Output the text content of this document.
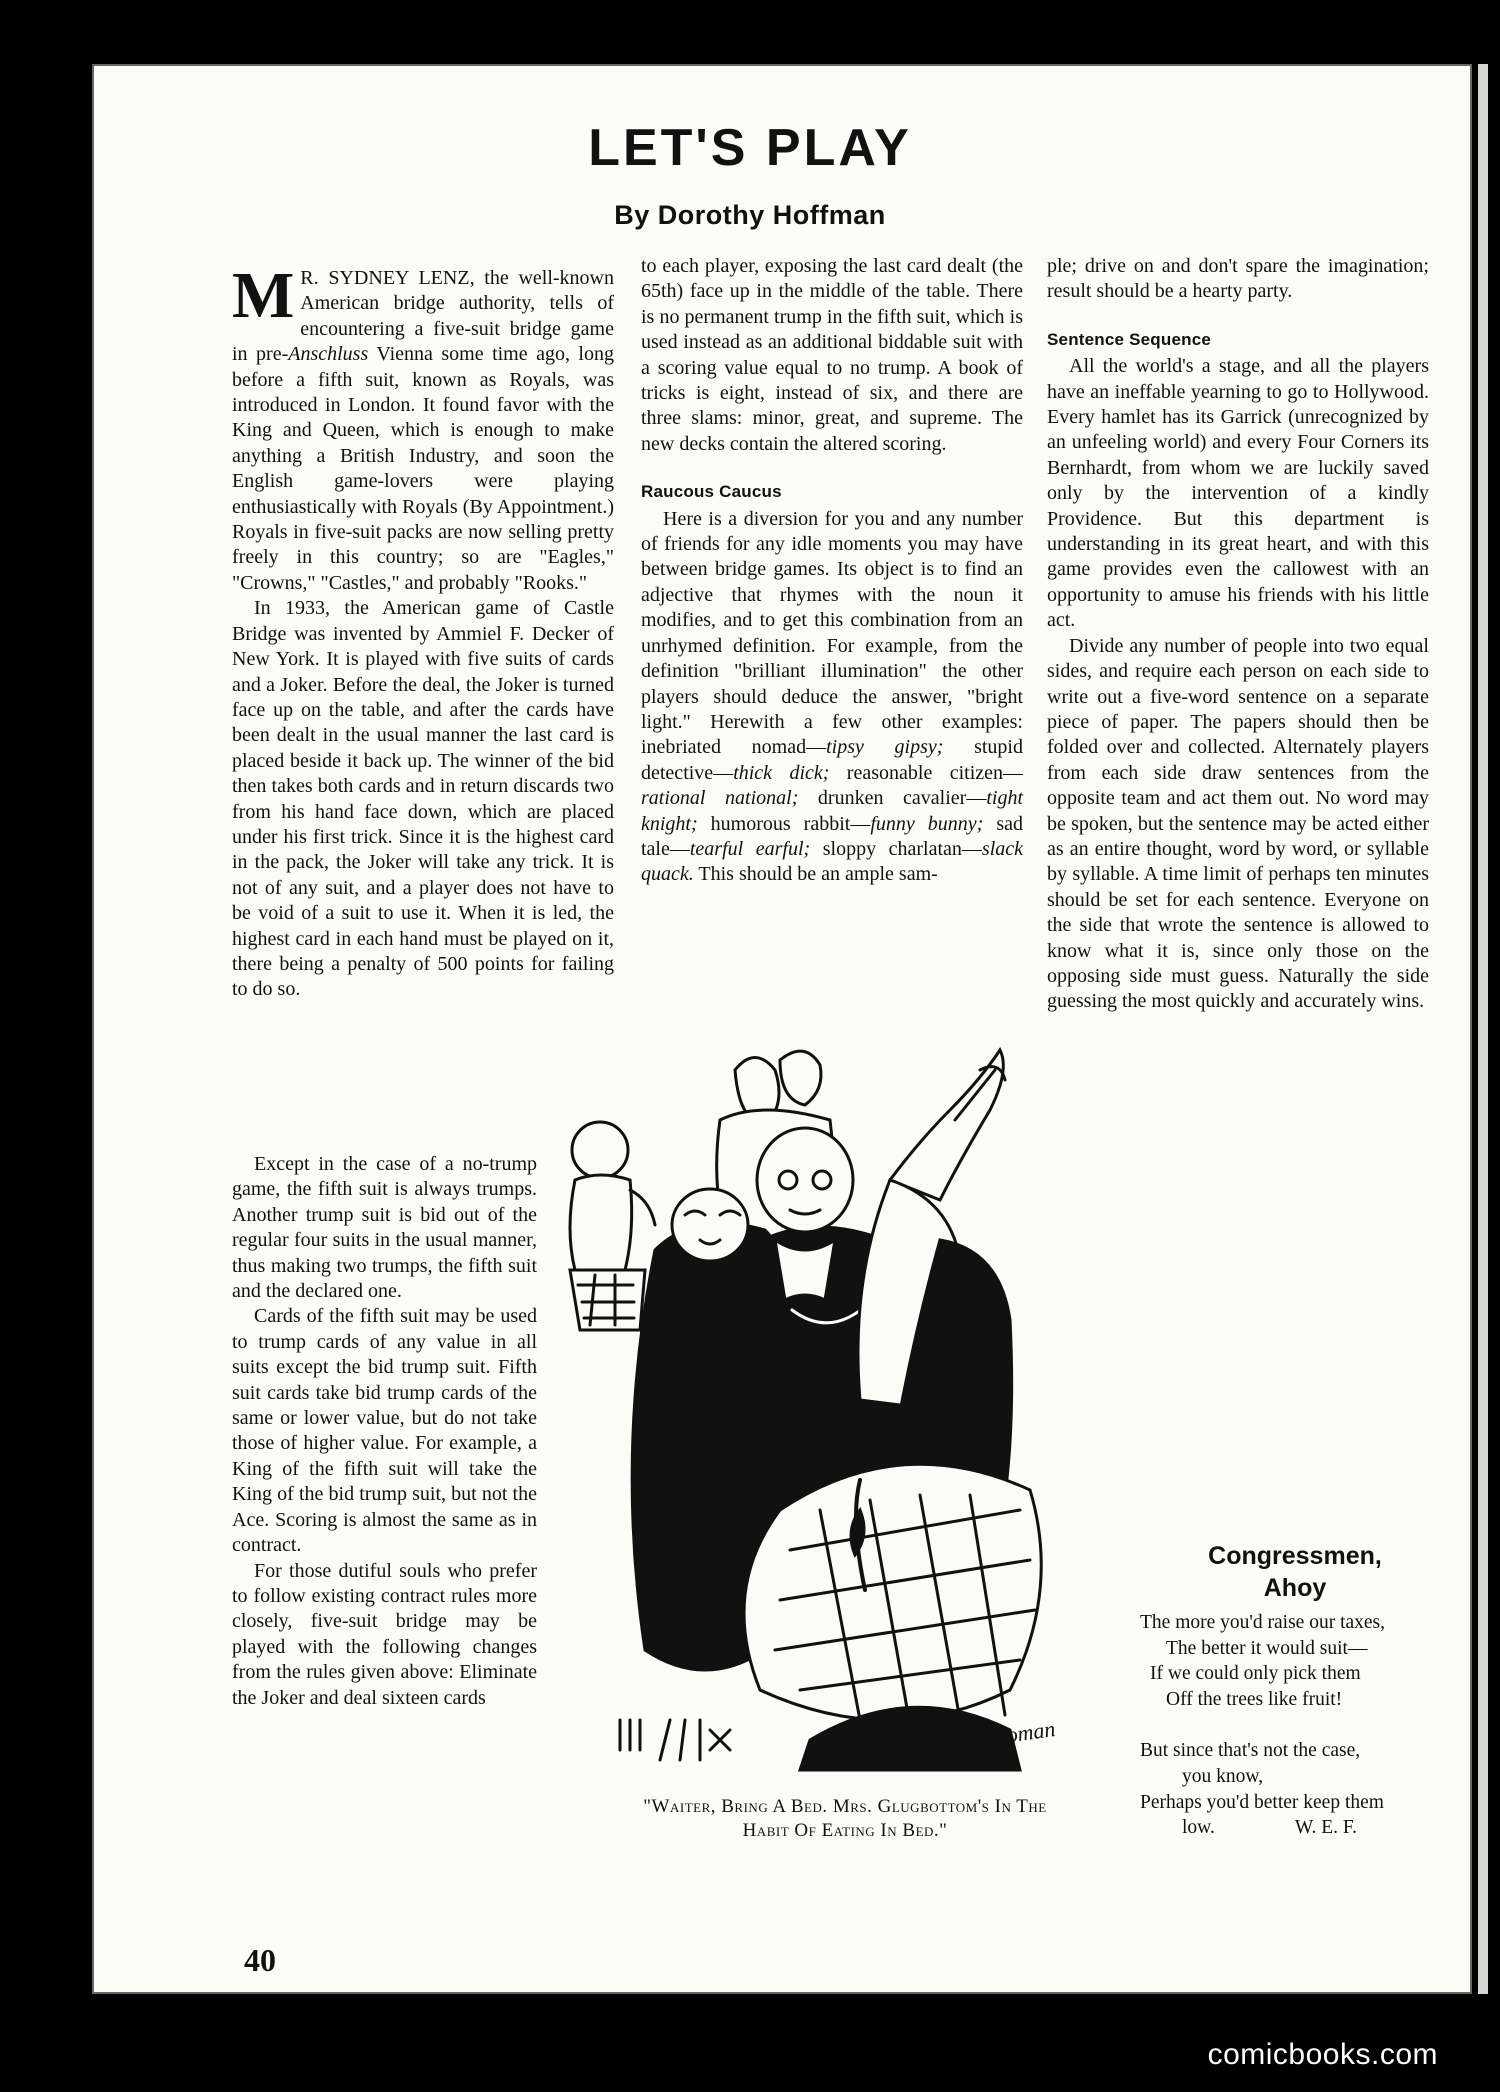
LET'S PLAY
By Dorothy Hoffman

M R. SYDNEY LENZ, the well-known American bridge authority, tells of encountering a five-suit bridge game in pre-Anschluss Vienna some time ago, long before a fifth suit, known as Royals, was introduced in London. It found favor with the King and Queen, which is enough to make anything a British Industry, and soon the English game-lovers were playing enthusiastically with Royals (By Appointment.) Royals in five-suit packs are now selling pretty freely in this country; so are "Eagles," "Crowns," "Castles," and probably "Rooks."

In 1933, the American game of Castle Bridge was invented by Ammiel F. Decker of New York. It is played with five suits of cards and a Joker. Before the deal, the Joker is turned face up on the table, and after the cards have been dealt in the usual manner the last card is placed beside it back up. The winner of the bid then takes both cards and in return discards two from his hand face down, which are placed under his first trick. Since it is the highest card in the pack, the Joker will take any trick. It is not of any suit, and a player does not have to be void of a suit to use it. When it is led, the highest card in each hand must be played on it, there being a penalty of 500 points for failing to do so.

Except in the case of a no-trump game, the fifth suit is always trumps. Another trump suit is bid out of the regular four suits in the usual manner, thus making two trumps, the fifth suit and the declared one.

Cards of the fifth suit may be used to trump cards of any value in all suits except the bid trump suit. Fifth suit cards take bid trump cards of the same or lower value, but do not take those of higher value. For example, a King of the fifth suit will take the King of the bid trump suit, but not the Ace. Scoring is almost the same as in contract.

For those dutiful souls who prefer to follow existing contract rules more closely, five-suit bridge may be played with the following changes from the rules given above: Eliminate the Joker and deal sixteen cards

to each player, exposing the last card dealt (the 65th) face up in the middle of the table. There is no permanent trump in the fifth suit, which is used instead as an additional biddable suit with a scoring value equal to no trump. A book of tricks is eight, instead of six, and there are three slams: minor, great, and supreme. The new decks contain the altered scoring.

Raucous Caucus

Here is a diversion for you and any number of friends for any idle moments you may have between bridge games. Its object is to find an adjective that rhymes with the noun it modifies, and to get this combination from an unrhymed definition. For example, from the definition "brilliant illumination" the other players should deduce the answer, "bright light." Herewith a few other examples: inebriated nomad—tipsy gipsy; stupid detective—thick dick; reasonable citizen—rational national; drunken cavalier—tight knight; humorous rabbit—funny bunny; sad tale—tearful earful; sloppy charlatan—slack quack. This should be an ample sam-

ple; drive on and don't spare the imagination; result should be a hearty party.

Sentence Sequence

All the world's a stage, and all the players have an ineffable yearning to go to Hollywood. Every hamlet has its Garrick (unrecognized by an unfeeling world) and every Four Corners its Bernhardt, from whom we are luckily saved only by the intervention of a kindly Providence. But this department is understanding in its great heart, and with this game provides even the callowest with an opportunity to amuse his friends with his little act.

Divide any number of people into two equal sides, and require each person on each side to write out a five-word sentence on a separate piece of paper. The papers should then be folded over and collected. Alternately players from each side draw sentences from the opposite team and act them out. No word may be spoken, but the sentence may be acted either as an entire thought, word by word, or syllable by syllable. A time limit of perhaps ten minutes should be set for each sentence. Everyone on the side that wrote the sentence is allowed to know what it is, since only those on the opposing side must guess. Naturally the side guessing the most quickly and accurately wins.

Ben Roman
"Waiter, Bring A Bed. Mrs. Glugbottom's In The
Habit Of Eating In Bed."
Congressmen,
Ahoy
The more you'd raise our taxes,
The better it would suit—
If we could only pick them
Off the trees like fruit!
But since that's not the case,
you know,
Perhaps you'd better keep them
low.	W. E. F.
40
comicbooks.com
